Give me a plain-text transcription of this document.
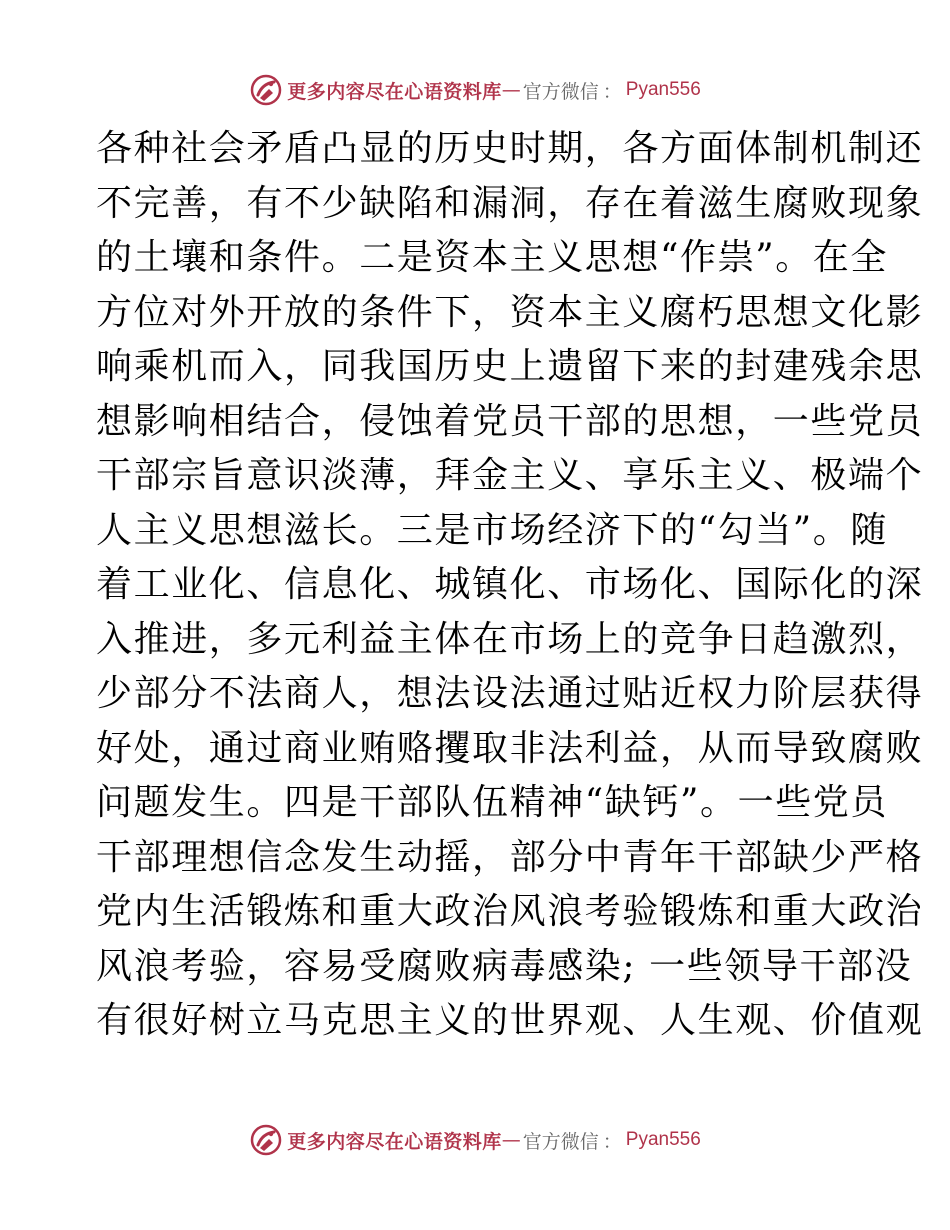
更多内容尽在心语资料库 — 官方微信 ： Pyan556
各种社会矛盾凸显的历史时期，各方面体制机制还
不完善，有不少缺陷和漏洞，存在着滋生腐败现象
的土壤和条件。二是资本主义思想“作祟”。在全
方位对外开放的条件下，资本主义腐朽思想文化影
响乘机而入，同我国历史上遗留下来的封建残余思
想影响相结合，侵蚀着党员干部的思想，一些党员
干部宗旨意识淡薄，拜金主义、享乐主义、极端个
人主义思想滋长。三是市场经济下的“勾当”。随
着工业化、信息化、城镇化、市场化、国际化的深
入推进，多元利益主体在市场上的竞争日趋激烈，
少部分不法商人，想法设法通过贴近权力阶层获得
好处，通过商业贿赂攫取非法利益，从而导致腐败
问题发生。四是干部队伍精神“缺钙”。一些党员
干部理想信念发生动摇，部分中青年干部缺少严格
党内生活锻炼和重大政治风浪考验锻炼和重大政治
风浪考验，容易受腐败病毒感染; 一些领导干部没
有很好树立马克思主义的世界观、人生观、价值观
更多内容尽在心语资料库 — 官方微信 ： Pyan556
